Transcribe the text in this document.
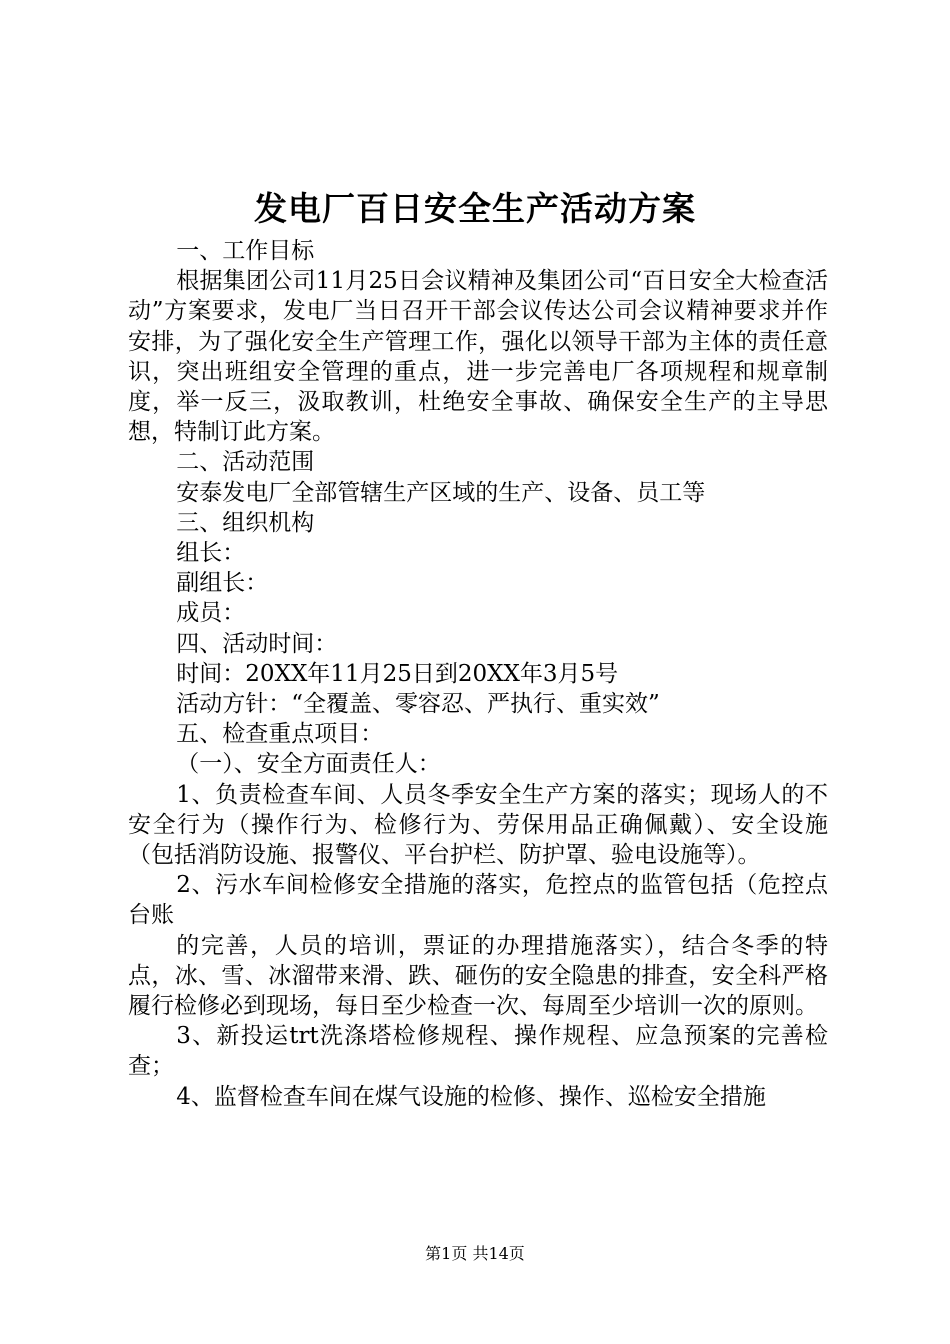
发电厂百日安全生产活动方案

一、工作目标

根据集团公司11月25日会议精神及集团公司“百日安全大检查活动”方案要求，发电厂当日召开干部会议传达公司会议精神要求并作安排，为了强化安全生产管理工作，强化以领导干部为主体的责任意识，突出班组安全管理的重点，进一步完善电厂各项规程和规章制度，举一反三，汲取教训，杜绝安全事故、确保安全生产的主导思想，特制订此方案。

二、活动范围

安泰发电厂全部管辖生产区域的生产、设备、员工等

三、组织机构

组长：

副组长：

成员：

四、活动时间：

时间：20XX年11月25日到20XX年3月5号

活动方针：“全覆盖、零容忍、严执行、重实效”

五、检查重点项目：

（一）、安全方面责任人：

1、负责检查车间、人员冬季安全生产方案的落实；现场人的不安全行为（操作行为、检修行为、劳保用品正确佩戴）、安全设施（包括消防设施、报警仪、平台护栏、防护罩、验电设施等）。

2、污水车间检修安全措施的落实，危控点的监管包括（危控点台账

的完善，人员的培训，票证的办理措施落实），结合冬季的特点，冰、雪、冰溜带来滑、跌、砸伤的安全隐患的排查，安全科严格履行检修必到现场，每日至少检查一次、每周至少培训一次的原则。

3、新投运trt洗涤塔检修规程、操作规程、应急预案的完善检查；

4、监督检查车间在煤气设施的检修、操作、巡检安全措施

第1页 共14页
